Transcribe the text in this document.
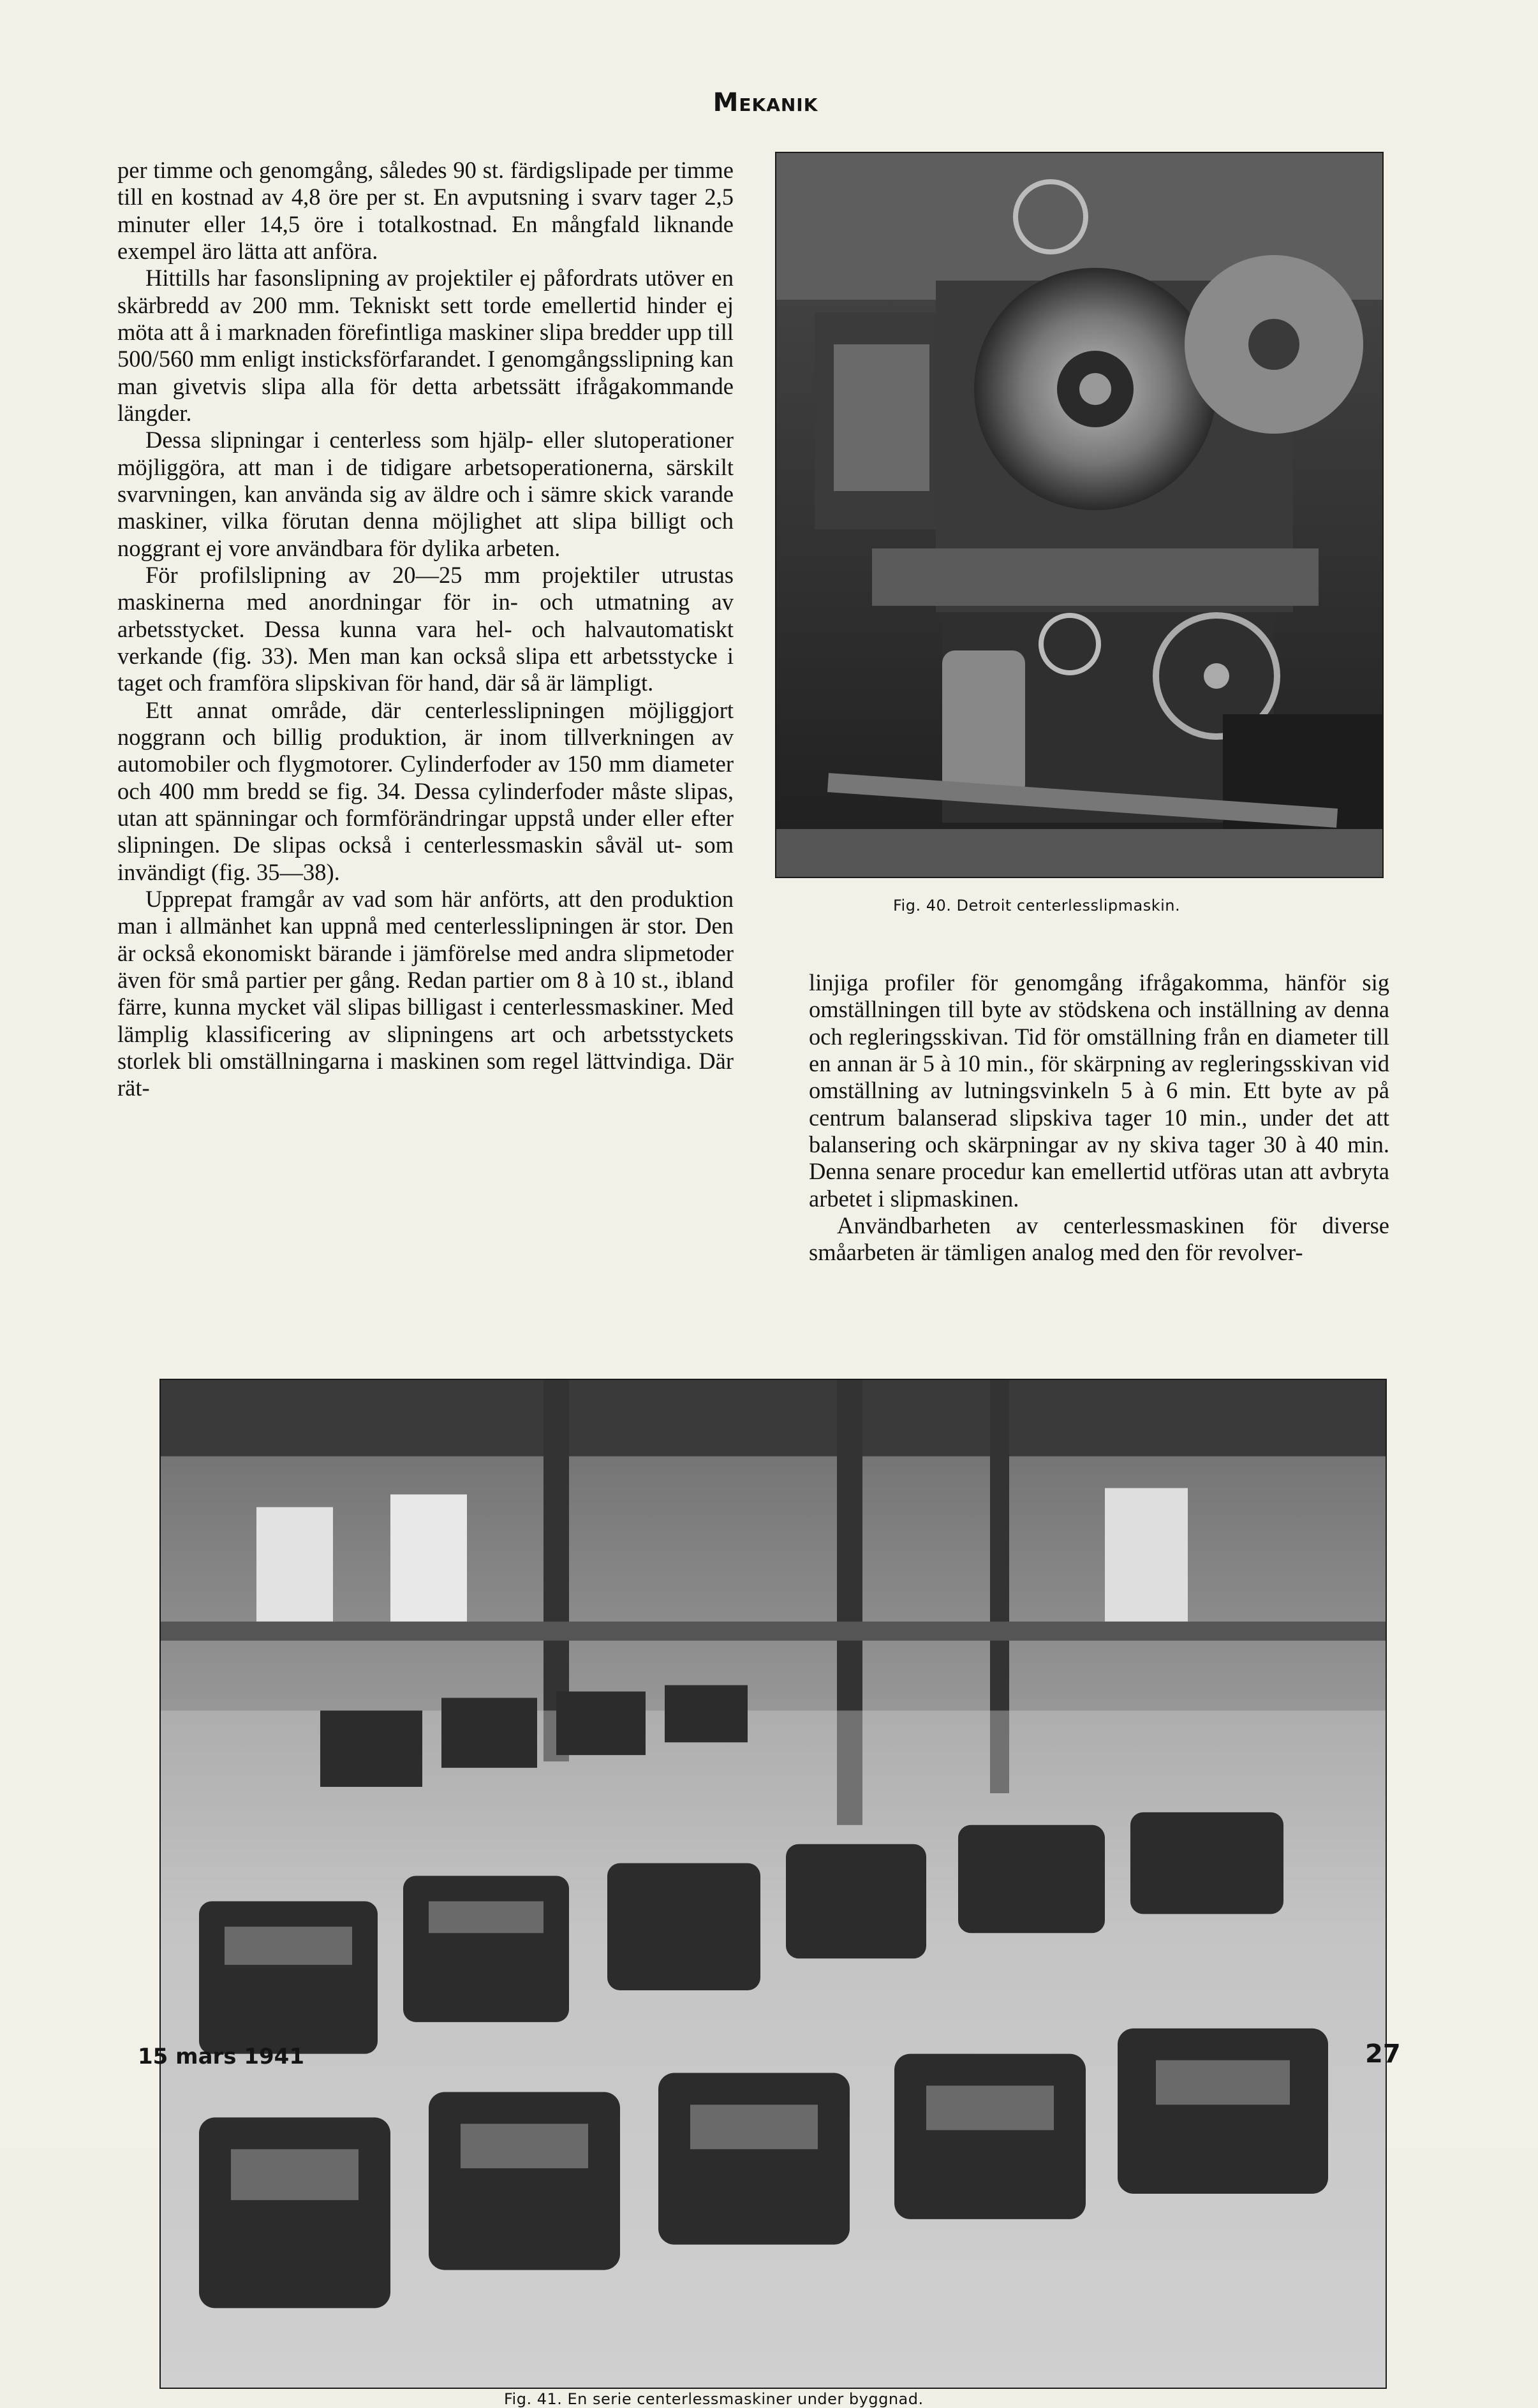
Mekanik

per timme och genomgång, således 90 st. färdigslipade per timme till en kostnad av 4,8 öre per st. En avputsning i svarv tager 2,5 minuter eller 14,5 öre i totalkostnad. En mångfald liknande exempel äro lätta att anföra.

Hittills har fasonslipning av projektiler ej påfordrats utöver en skärbredd av 200 mm. Tekniskt sett torde emellertid hinder ej möta att å i marknaden förefintliga maskiner slipa bredder upp till 500/560 mm enligt insticksförfarandet. I genomgångsslipning kan man givetvis slipa alla för detta arbetssätt ifrågakommande längder.

Dessa slipningar i centerless som hjälp- eller slutoperationer möjliggöra, att man i de tidigare arbetsoperationerna, särskilt svarvningen, kan använda sig av äldre och i sämre skick varande maskiner, vilka förutan denna möjlighet att slipa billigt och noggrant ej vore användbara för dylika arbeten.

För profilslipning av 20—25 mm projektiler utrustas maskinerna med anordningar för in- och utmatning av arbetsstycket. Dessa kunna vara hel- och halvautomatiskt verkande (fig. 33). Men man kan också slipa ett arbetsstycke i taget och framföra slipskivan för hand, där så är lämpligt.

Ett annat område, där centerlesslipningen möjliggjort noggrann och billig produktion, är inom tillverkningen av automobiler och flygmotorer. Cylinderfoder av 150 mm diameter och 400 mm bredd se fig. 34. Dessa cylinderfoder måste slipas, utan att spänningar och formförändringar uppstå under eller efter slipningen. De slipas också i centerlessmaskin såväl ut- som invändigt (fig. 35—38).

Upprepat framgår av vad som här anförts, att den produktion man i allmänhet kan uppnå med centerlesslipningen är stor. Den är också ekonomiskt bärande i jämförelse med andra slipmetoder även för små partier per gång. Redan partier om 8 à 10 st., ibland färre, kunna mycket väl slipas billigast i centerlessmaskiner. Med lämplig klassificering av slipningens art och arbetsstyckets storlek bli omställningarna i maskinen som regel lättvindiga. Där rät-

Fig. 40. Detroit centerlesslipmaskin.

linjiga profiler för genomgång ifrågakomma, hänför sig omställningen till byte av stödskena och inställning av denna och regleringsskivan. Tid för omställning från en diameter till en annan är 5 à 10 min., för skärpning av regleringsskivan vid omställning av lutningsvinkeln 5 à 6 min. Ett byte av på centrum balanserad slipskiva tager 10 min., under det att balansering och skärpningar av ny skiva tager 30 à 40 min. Denna senare procedur kan emellertid utföras utan att avbryta arbetet i slipmaskinen.

Användbarheten av centerlessmaskinen för diverse småarbeten är tämligen analog med den för revolver-

Fig. 41. En serie centerlessmaskiner under byggnad.
15 mars 1941	27
